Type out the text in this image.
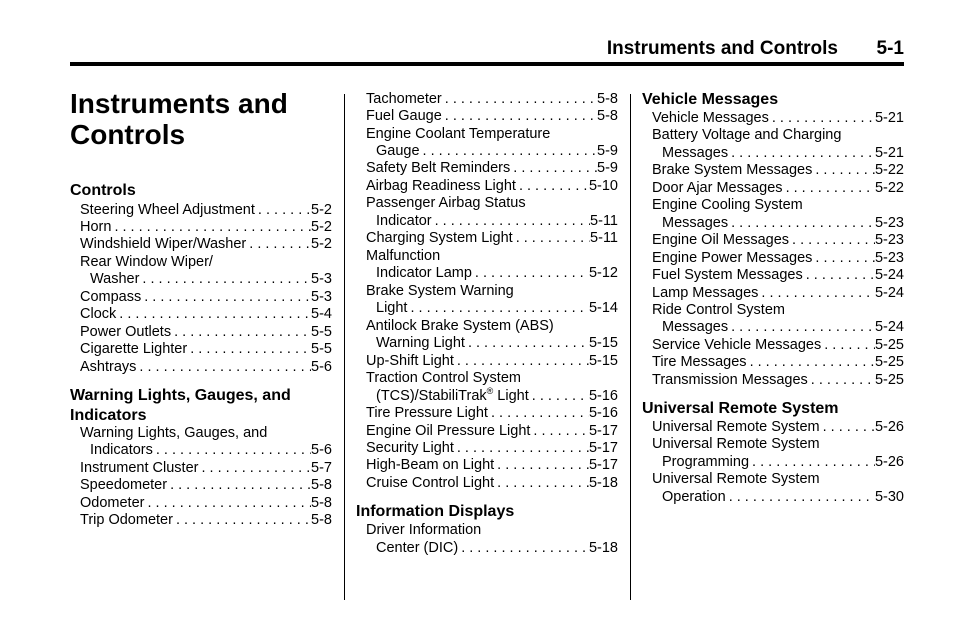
Instruments and Controls 5-1
Instruments and Controls
Controls
Steering Wheel Adjustment . . .	5-2
Horn . . .	5-2
Windshield Wiper/Washer . . .	5-2
Rear Window Wiper/
Washer . . .	5-3
Compass . . .	5-3
Clock . . .	5-4
Power Outlets . . .	5-5
Cigarette Lighter . . .	5-5
Ashtrays . . .	5-6
Warning Lights, Gauges, and
Indicators
Warning Lights, Gauges, and
Indicators . . .	5-6
Instrument Cluster . . .	5-7
Speedometer . . .	5-8
Odometer . . .	5-8
Trip Odometer . . .	5-8
Tachometer . . .	5-8
Fuel Gauge . . .	5-8
Engine Coolant Temperature
Gauge . . .	5-9
Safety Belt Reminders . . .	5-9
Airbag Readiness Light . . .	5-10
Passenger Airbag Status
Indicator . . .	5-11
Charging System Light . . .	5-11
Malfunction
Indicator Lamp . . .	5-12
Brake System Warning
Light . . .	5-14
Antilock Brake System (ABS)
Warning Light . . .	5-15
Up-Shift Light . . .	5-15
Traction Control System
(TCS)/StabiliTrak® Light . . .	5-16
Tire Pressure Light . . .	5-16
Engine Oil Pressure Light . . .	5-17
Security Light . . .	5-17
High-Beam on Light . . .	5-17
Cruise Control Light . . .	5-18
Information Displays
Driver Information
Center (DIC) . . .	5-18
Vehicle Messages
Vehicle Messages . . .	5-21
Battery Voltage and Charging
Messages . . .	5-21
Brake System Messages . . .	5-22
Door Ajar Messages . . .	5-22
Engine Cooling System
Messages . . .	5-23
Engine Oil Messages . . .	5-23
Engine Power Messages . . .	5-23
Fuel System Messages . . .	5-24
Lamp Messages . . .	5-24
Ride Control System
Messages . . .	5-24
Service Vehicle Messages . . .	5-25
Tire Messages . . .	5-25
Transmission Messages . . .	5-25
Universal Remote System
Universal Remote System . . .	5-26
Universal Remote System
Programming . . .	5-26
Universal Remote System
Operation . . .	5-30
